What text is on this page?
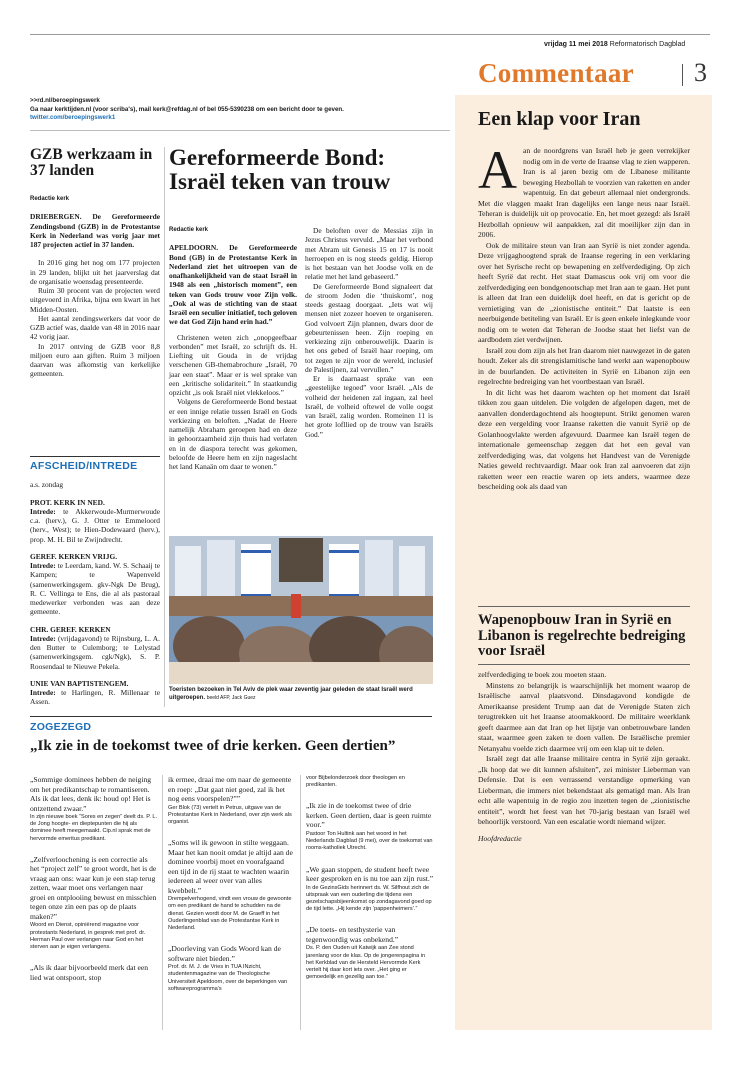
vrijdag 11 mei 2018 Reformatorisch Dagblad
Commentaar 3
>>rd.nl/beroepingswerk
Ga naar kerktijden.nl (voor scriba's), mail kerk@refdag.nl of bel 055-5390238 om een bericht door te geven.
twitter.com/beroepingswerk1
GZB werkzaam in 37 landen
Redactie kerk

DRIEBERGEN. De Gereformeerde Zendingsbond (GZB) in de Protestantse Kerk in Nederland was vorig jaar met 187 projecten actief in 37 landen.

In 2016 ging het nog om 177 projecten in 29 landen, blijkt uit het jaarverslag dat de organisatie woensdag presenteerde.

Ruim 30 procent van de projecten werd uitgevoerd in Afrika, bijna een kwart in het Midden-Oosten.

Het aantal zendingswerkers dat voor de GZB actief was, daalde van 48 in 2016 naar 42 vorig jaar.

In 2017 ontving de GZB voor 8,8 miljoen euro aan giften. Ruim 3 miljoen daarvan was afkomstig van kerkelijke gemeenten.

AFSCHEID/INTREDE

a.s. zondag

PROT. KERK IN NED.

Intrede: te Akkerwoude-Murmerwoude c.a. (herv.), G. J. Otter te Emmeloord (herv., West); te Hien-Dodewaard (herv.), prop. M. H. Bil te Zwijndrecht.

GEREF. KERKEN VRIJG.

Intrede: te Leerdam, kand. W. S. Schaaij te Kampen; te Wapenveld (samenwerkingsgem. gkv-Ngk De Brug), R. C. Vellinga te Ens, die al als pastoraal medewerker verbonden was aan deze gemeente.

CHR. GEREF. KERKEN

Intrede: (vrijdagavond) te Rijnsburg, L. A. den Butter te Culemborg; te Lelystad (samenwerkingsgem. cgk/Ngk), S. P. Roosendaal te Nieuwe Pekela.

UNIE VAN BAPTISTENGEM.

Intrede: te Harlingen, R. Millenaar te Assen.

Gereformeerde Bond: Israël teken van trouw
Redactie kerk

APELDOORN. De Gereformeerde Bond (GB) in de Protestantse Kerk in Nederland ziet het uitroepen van de onafhankelijkheid van de staat Israël in 1948 als een „historisch moment”, een teken van Gods trouw voor Zijn volk. „Ook al was de stichting van de staat Israël een seculier initiatief, toch geloven we dat God Zijn hand erin had.”

Christenen weten zich „onopgeefbaar verbonden” met Israël, zo schrijft ds. H. Liefting uit Gouda in de vrijdag verschenen GB-themabrochure „Israël, 70 jaar een staat”. Maar er is wel sprake van een „kritische solidariteit.” In staatkundig opzicht „is ook Israël niet vlekkeloos.”

Volgens de Gereformeerde Bond bestaat er een innige relatie tussen Israël en Gods verkiezing en beloften. „Nadat de Heere namelijk Abraham geroepen had en deze in gehoorzaamheid zijn thuis had verlaten en in de diaspora terecht was gekomen, beloofde de Heere hem en zijn nageslacht het land Kanaän om daar te wonen.”

De beloften over de Messias zijn in Jezus Christus vervuld. „Maar het verbond met Abram uit Genesis 15 en 17 is nooit herroepen en is nog steeds geldig. Hierop is het bestaan van het Joodse volk en de relatie met het land gebaseerd.”

De Gereformeerde Bond signaleert dat de stroom Joden die ‘thuiskomt’, nog steeds gestaag doorgaat. „Iets wat wij mensen niet zozeer hoeven te organiseren. God volvoert Zijn plannen, dwars door de gebeurtenissen heen. Zijn roeping en verkiezing zijn onberouwelijk. Daarin is het ons gebed of Israël haar roeping, om tot zegen te zijn voor de wereld, inclusief de Palestijnen, zal vervullen.”

Er is daarnaast sprake van een „geestelijke tegoed” voor Israël. „Als de volheid der heidenen zal ingaan, zal heel Israël, de volheid oftewel de volle oogst van Israël, zalig worden. Romeinen 11 is het grote lofllied op de trouw van Israëls God.”

Toeristen bezoeken in Tel Aviv de plek waar zeventig jaar geleden de staat Israël werd uitgeroepen. beeld AFP, Jack Guez
Een klap voor Iran

Aan de noordgrens van Israël heb je geen verrekijker nodig om in de verte de Iraanse vlag te zien wapperen. Iran is al jaren bezig om de Libanese militante beweging Hezbollah te voorzien van raketten en ander wapentuig. En dat gebeurt allemaal niet ondergronds. Met die vlaggen maakt Iran dagelijks een lange neus naar Israël. Teheran is duidelijk uit op provocatie. En, het moet gezegd: als Israël Hezbollah opnieuw wil aanpakken, zal dit moeilijker zijn dan in 2006.

Ook de militaire steun van Iran aan Syrië is niet zonder agenda. Deze vrijgaghoogtend sprak de Iraanse regering in een verklaring over het Syrische recht op bewapening en zelfverdediging. Op zich heeft Syrië dat recht. Het staat Damascus ook vrij om voor die zelfverdediging een bondgenootschap met Iran aan te gaan. Het punt is alleen dat Iran een duidelijk doel heeft, en dat is gericht op de vernietiging van de „zionistische entiteit.” Dat laatste is een neerbuigende betiteling van Israël. Er is geen enkele inlegkunde voor nodig om te weten dat Teheran de Joodse staat het liefst van de aardbodem ziet verdwijnen.

Israël zou dom zijn als het Iran daarom niet nauwgezet in de gaten houdt. Zeker als dit strengislamitische land werkt aan wapenopbouw in de buurlanden. De activiteiten in Syrië en Libanon zijn een regelrechte bedreiging van het voortbestaan van Israël.

In dit licht was het daarom wachten op het moment dat Israël tikken zou gaan uitdelen. Die volgden de afgelopen dagen, met de aanvallen donderdagochtend als hoogtepunt. Strikt genomen waren deze een vergelding voor Iraanse raketten die vanuit Syrië op de Golanhoogvlakte werden afgevuurd. Daarmee kan Israël tegen de internationale gemeenschap zeggen dat het een geval van zelfverdediging was, dat volgens het Handvest van de Verenigde Naties geweld rechtvaardigt. Maar ook Iran zal aanvoeren dat zijn raketten weer een reactie waren op iets anders, waarmee deze bescheiding ook als daad van

Wapenopbouw Iran in Syrië en Libanon is regelrechte bedreiging voor Israël

zelfverdediging te boek zou moeten staan.

Minstens zo belangrijk is waarschijnlijk het moment waarop de Israëlische aanval plaatsvond. Dinsdagavond kondigde de Amerikaanse president Trump aan dat de Verenigde Staten zich terugtrekken uit het Iraanse atoomakkoord. De militaire weerklank geeft daarmee aan dat Iran op het lijstje van onbetrouwbare landen staat, waarmee geen zaken te doen vallen. De Israëlische premier Netanyahu voelde zich daarmee vrij om een klap uit te delen.

Israël zegt dat alle Iraanse militaire centra in Syrië zijn geraakt. „Ik hoop dat we dit kunnen afsluiten”, zei minister Lieberman van Defensie. Dat is een verrassend verstandige opmerking van Lieberman, die immers niet bekendstaat als gematigd man. Als Iran echt alle wapentuig in de regio zou inzetten tegen de „zionistische entiteit”, wordt het feest van het 70-jarig bestaan van Israël wel behoorlijk verstoord. Van een escalatie wordt niemand wijzer.

Hoofdredactie

ZOGEZEGD
„Ik zie in de toekomst twee of drie kerken. Geen dertien”
„Sommige dominees hebben de neiging om het predikantschap te romantiseren. Als ik dat lees, denk ik: houd op! Het is ontzettend zwaar.”
In zijn nieuwe boek “Sores en zegen” deelt ds. P. L. de Jong hoogte- en dieptepunten die hij als dominee heeft meegemaakt. Cip.nl sprak met de hervormde emeritus predikant.
„Zelfverloochening is een correctie als het “project zelf” te groot wordt, het is de vraag aan ons: waar kun je een stap terug zetten, waar moet ons verlangen naar groei en ontplooiing bewust en misschien tegen onze zin een pas op de plaats maken?”
Woord en Dienst, opiniërend magazine voor protestants Nederland, in gesprek met prof. dr. Herman Paul over verlangen naar God en het sterven aan je eigen verlangens.
„Als ik daar bijvoorbeeld merk dat een lied wat ontspoort, stop
ik ermee, draai me om naar de gemeente en roep: „Dat gaat niet goed, zal ik het nog eens voorspelen?””
Ger Blok (73) vertelt in Petrus, uitgave van de Protestantse Kerk in Nederland, over zijn werk als organist.
„Soms wil ik gewoon in stilte weggaan. Maar het kan nooit omdat je altijd aan de dominee voorbij moet en voorafgaand een tijd in de rij staat te wachten waarin iedereen al weer over van alles kwebbelt.”
Drempelverhogend, vindt een vrouw de gewoonte om een predikant de hand te schudden na de dienst. Gezien wordt door M. de Graeff in het Ouderlingenblad van de Protestantse Kerk in Nederland.
„Doorleving van Gods Woord kan de software niet bieden.”
Prof. dr. M. J. de Vries in TUA INzicht, studentenmagazine van de Theologische Universiteit Apeldoorn, over de beperkingen van softwareprogramma’s
voor Bijbelonderzoek door theologen en predikanten.
„Ik zie in de toekomst twee of drie kerken. Geen dertien, daar is geen ruimte voor.”
Pastoor Ton Hultink aan het woord in het Nederlands Dagblad (9 mei), over de toekomst van rooms-katholiek Utrecht.
„We gaan stoppen, de student heeft twee keer gesproken en is nu toe aan zijn rust.”
In de GezinsGids herinnert ds. W. Silfhout zich de uitspraak van een ouderling die tijdens een gezelschapsbijeenkomst op zondagavond goed op de tijd lette. „Hij kende zijn ‘pappenheimers’.”
„De toets- en testhysterie van tegenwoordig was onbekend.”
Ds. P. den Ouden uit Katwijk aan Zee stond jarenlang voor de klas. Op de jongerenpagina in het Kerkblad van de Hersteld Hervormde Kerk vertelt hij daar kort iets over. „Het ging er gemoedelijk en gezellig aan toe.”
